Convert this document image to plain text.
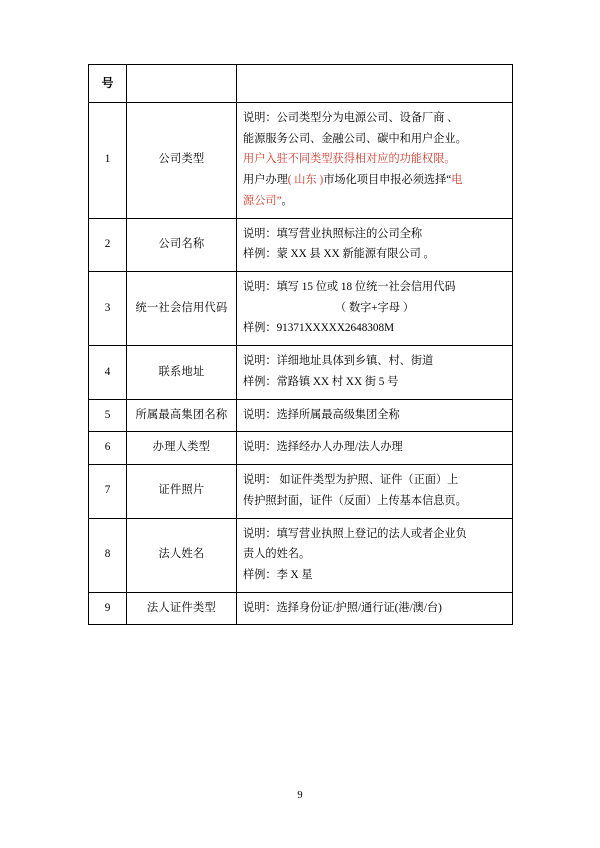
号		
1	公司类型	说明：公司类型分为电源公司、设备厂商 、
能源服务公司、金融公司、碳中和用户企业。
用户入驻不同类型获得相对应的功能权限。
用户办理( 山东 )市场化项目申报必须选择“电
源公司”。

2	公司名称	说明：填写营业执照标注的公司全称
样例：蒙 XX 县 XX 新能源有限公司 。

3	统一社会信用代码	说明：填写 15 位或 18 位统一社会信用代码
（ 数字+字母 ）
样例：91371XXXXX2648308M

4	联系地址	说明：详细地址具体到乡镇、村、街道
样例：常路镇 XX 村 XX 街 5 号

5	所属最高集团名称	说明：选择所属最高级集团全称

6	办理人类型	说明：选择经办人办理/法人办理

7	证件照片	说明： 如证件类型为护照、证件（正面）上
传护照封面，证件（反面）上传基本信息页。

8	法人姓名	说明：填写营业执照上登记的法人或者企业负
责人的姓名。
样例：李 X 星

9	法人证件类型	说明：选择身份证/护照/通行证(港/澳/台)
9
